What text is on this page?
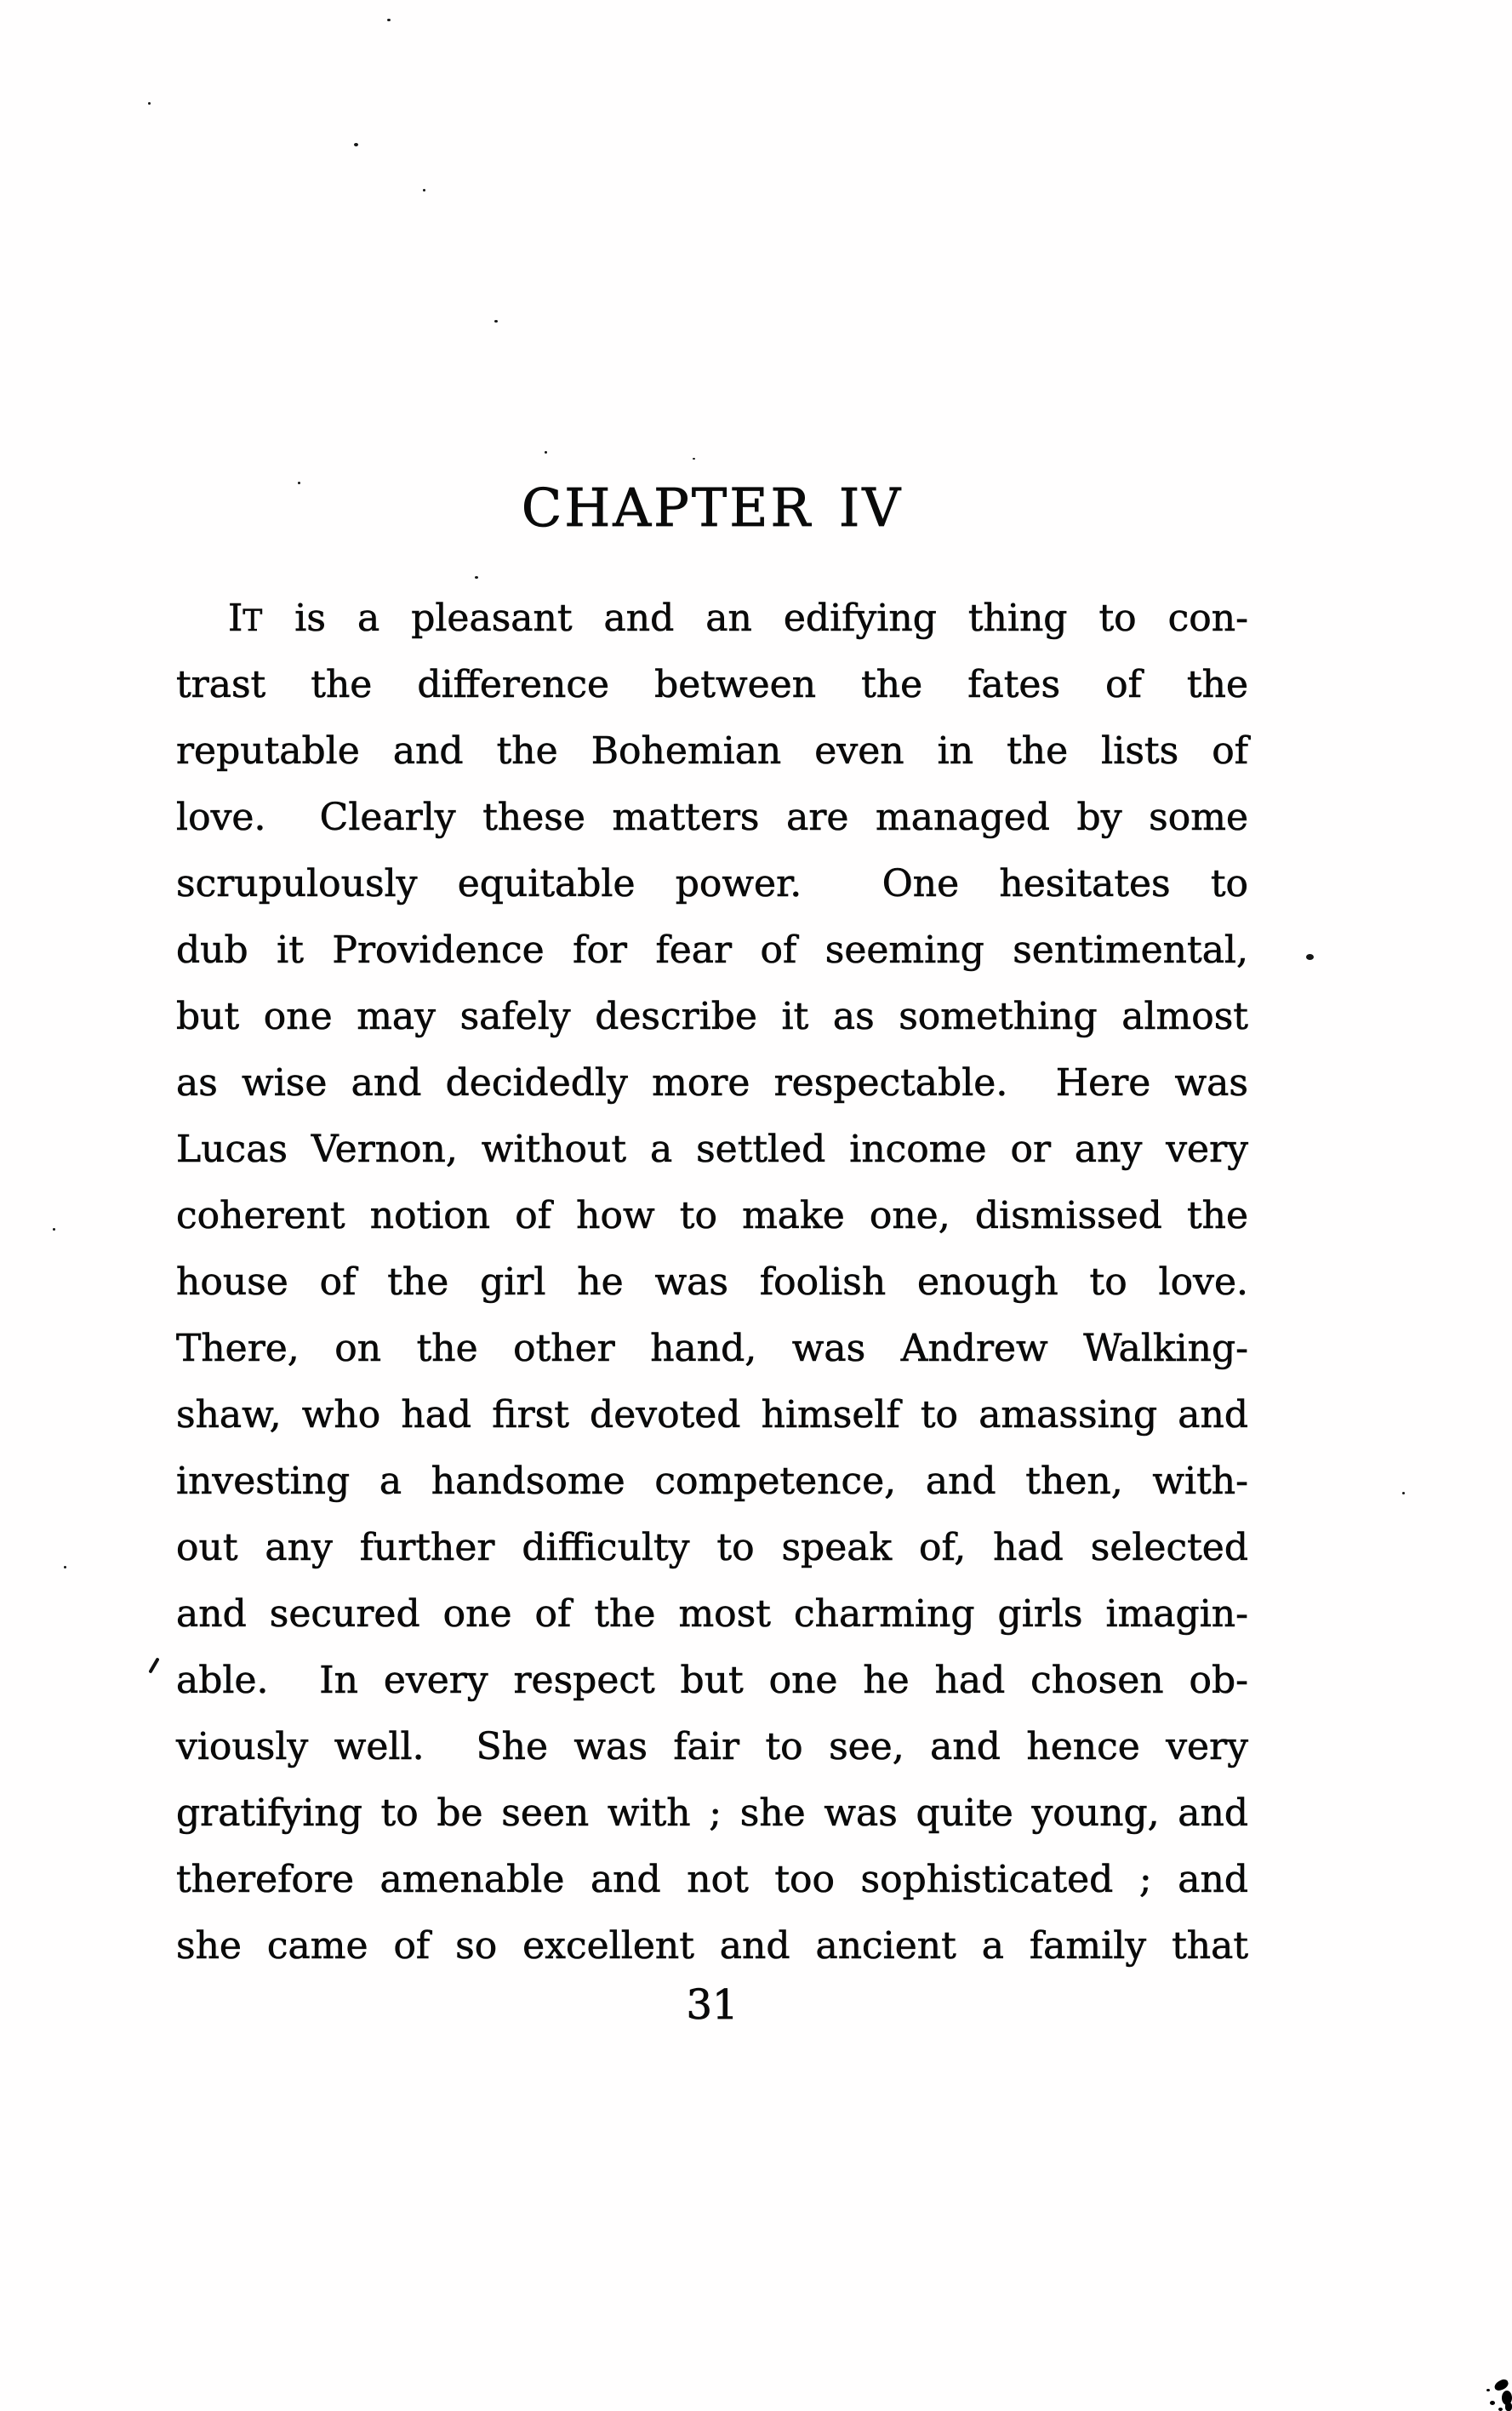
CHAPTER IV
IT is a pleasant and an edifying thing to con-
trast the difference between the fates of the
reputable and the Bohemian even in the lists of
love.  Clearly these matters are managed by some
scrupulously equitable power.  One hesitates to
dub it Providence for fear of seeming sentimental,
but one may safely describe it as something almost
as wise and decidedly more respectable.  Here was
Lucas Vernon, without a settled income or any very
coherent notion of how to make one, dismissed the
house of the girl he was foolish enough to love.
There, on the other hand, was Andrew Walking-
shaw, who had first devoted himself to amassing and
investing a handsome competence, and then, with-
out any further difficulty to speak of, had selected
and secured one of the most charming girls imagin-
able.  In every respect but one he had chosen ob-
viously well.  She was fair to see, and hence very
gratifying to be seen with ; she was quite young, and
therefore amenable and not too sophisticated ; and
she came of so excellent and ancient a family that
31
